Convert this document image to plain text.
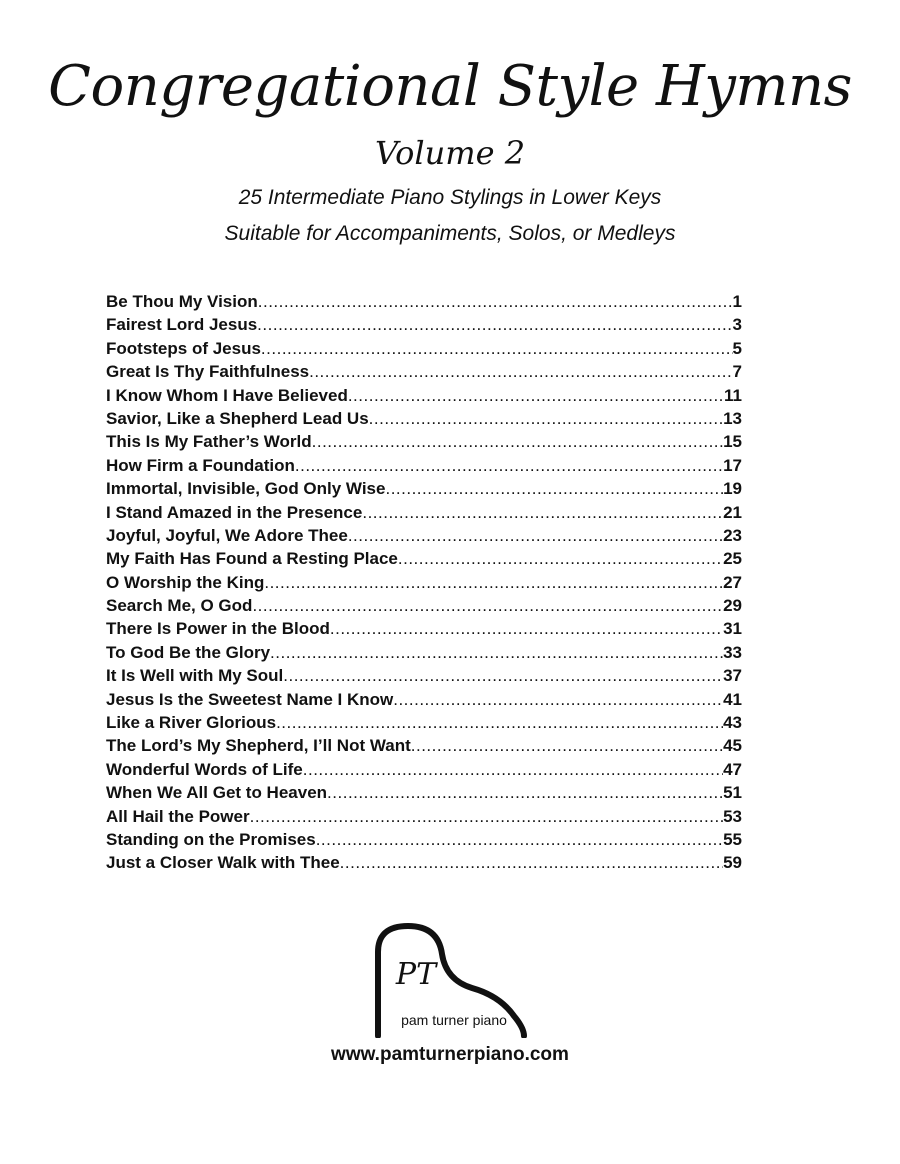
Congregational Style Hymns
Volume 2
25 Intermediate Piano Stylings in Lower Keys
Suitable for Accompaniments, Solos, or Medleys
Be Thou My Vision .....	1
Fairest Lord Jesus .....	3
Footsteps of Jesus .....	5
Great Is Thy Faithfulness .....	7
I Know Whom I Have Believed .....	11
Savior, Like a Shepherd Lead Us .....	13
This Is My Father’s World .....	15
How Firm a Foundation .....	17
Immortal, Invisible, God Only Wise .....	19
I Stand Amazed in the Presence .....	21
Joyful, Joyful, We Adore Thee .....	23
My Faith Has Found a Resting Place .....	25
O Worship the King .....	27
Search Me, O God .....	29
There Is Power in the Blood .....	31
To God Be the Glory .....	33
It Is Well with My Soul .....	37
Jesus Is the Sweetest Name I Know .....	41
Like a River Glorious .....	43
The Lord’s My Shepherd, I’ll Not Want .....	45
Wonderful Words of Life .....	47
When We All Get to Heaven .....	51
All Hail the Power .....	53
Standing on the Promises .....	55
Just a Closer Walk with Thee .....	59
PT
pam turner piano
www.pamturnerpiano.com
